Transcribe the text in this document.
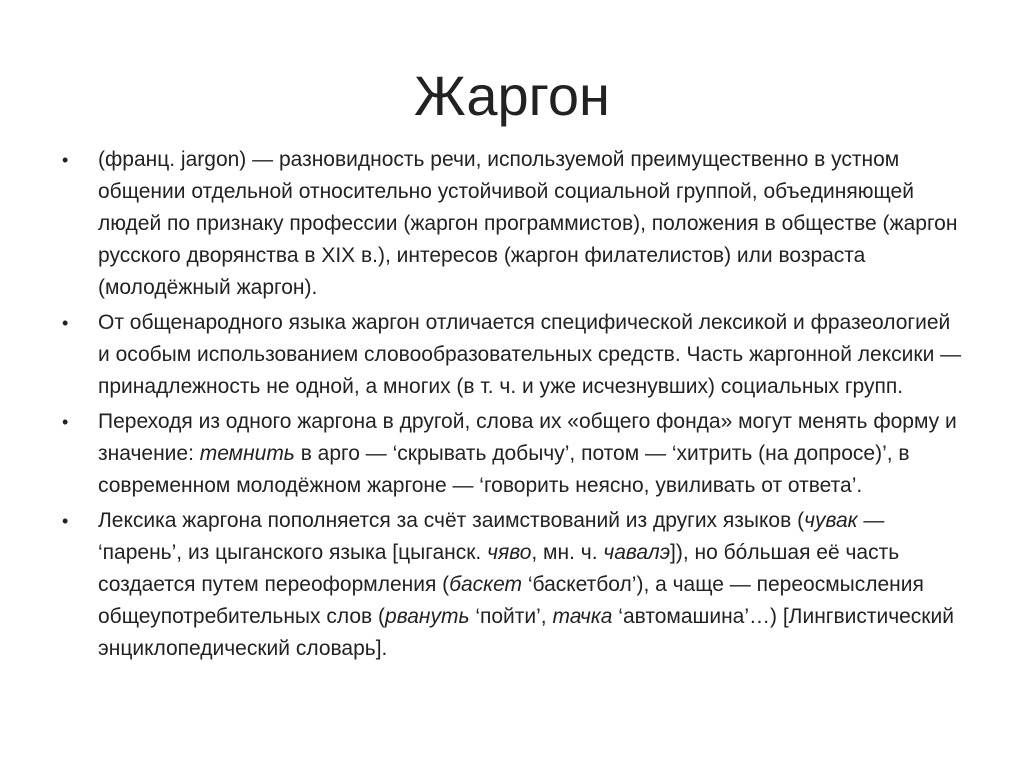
Жаргон
•	(франц. jargon) — разновидность речи, используемой преимущественно в устном общении отдельной относительно устойчивой социальной группой, объединяющей людей по признаку профессии (жаргон программистов), положения в обществе (жаргон русского дворянства в XIX в.), интересов (жаргон филателистов) или возраста (молодёжный жаргон).
•	От общенародного языка жаргон отличается специфической лексикой и фразеологией и особым использованием словообразовательных средств. Часть жаргонной лексики — принадлежность не одной, а многих (в т. ч. и уже исчезнувших) социальных групп.
•	Переходя из одного жаргона в другой, слова их «общего фонда» могут менять форму и значение: темнить в арго — ‘скрывать добычу’, потом — ‘хитрить (на допросе)’, в современном молодёжном жаргоне — ‘говорить неясно, увиливать от ответа’.
•	Лексика жаргона пополняется за счёт заимствований из других языков (чувак — ‘парень’, из цыганского языка [цыганск. чяво, мн. ч. чавалэ]), но бóльшая её часть создается путем переоформления (баскет ‘баскетбол’), а чаще — переосмысления общеупотребительных слов (рвануть ‘пойти’, тачка ‘автомашина’…) [Лингвистический энциклопедический словарь].
